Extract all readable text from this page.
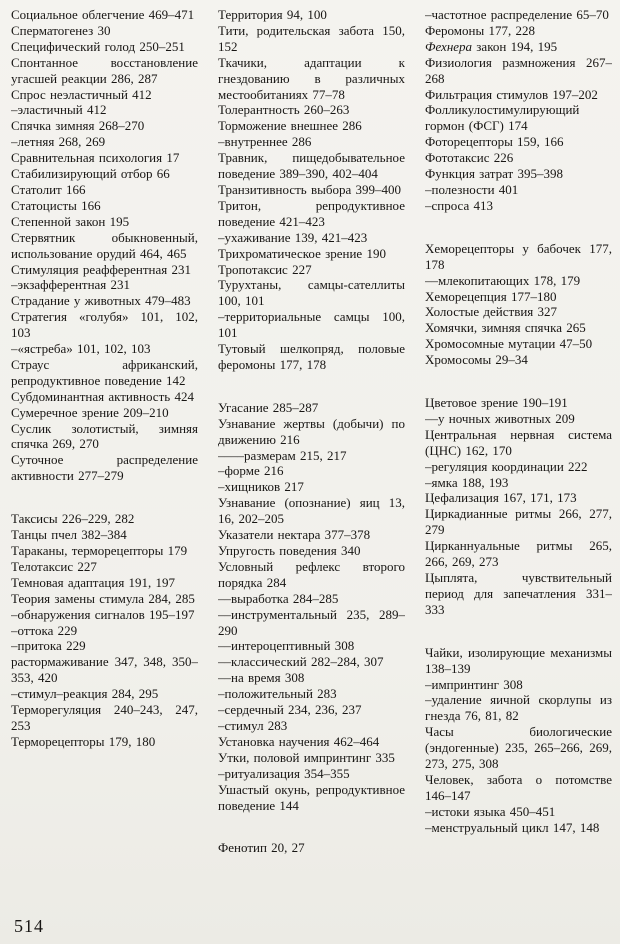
Социальное облегчение 469–471
Сперматогенез 30
Специфический голод 250–251
Спонтанное восстановление угасшей реакции 286, 287
Спрос неэластичный 412
–эластичный 412
Спячка зимняя 268–270
–летняя 268, 269
Сравнительная психология 17
Стабилизирующий отбор 66
Статолит 166
Статоцисты 166
Степенной закон 195
Стервятник обыкновенный, использование орудий 464, 465
Стимуляция реафферентная 231
–экзафферентная 231
Страдание у животных 479–483
Стратегия «голубя» 101, 102, 103
–«ястреба» 101, 102, 103
Страус африканский, репродуктивное поведение 142
Субдоминантная активность 424
Сумеречное зрение 209–210
Суслик золотистый, зимняя спячка 269, 270
Суточное распределение активности 277–279
Таксисы 226–229, 282
Танцы пчел 382–384
Тараканы, терморецепторы 179
Телотаксис 227
Темновая адаптация 191, 197
Теория замены стимула 284, 285
–обнаружения сигналов 195–197
–оттока 229
–притока 229
растормаживание 347, 348, 350–353, 420
–стимул–реакция 284, 295
Терморегуляция 240–243, 247, 253
Терморецепторы 179, 180
Территория 94, 100
Тити, родительская забота 150, 152
Ткачики, адаптации к гнездованию в различных местообитаниях 77–78
Толерантность 260–263
Торможение внешнее 286
–внутреннее 286
Травник, пищедобывательное поведение 389–390, 402–404
Транзитивность выбора 399–400
Тритон, репродуктивное поведение 421–423
–ухаживание 139, 421–423
Трихроматическое зрение 190
Тропотаксис 227
Турухтаны, самцы-сателлиты 100, 101
–территориальные самцы 100, 101
Тутовый шелкопряд, половые феромоны 177, 178
Угасание 285–287
Узнавание жертвы (добычи) по движению 216
––––размерам 215, 217
–форме 216
–хищников 217
Узнавание (опознание) яиц 13, 16, 202–205
Указатели нектара 377–378
Упругость поведения 340
Условный рефлекс второго порядка 284
––выработка 284–285
––инструментальный 235, 289–290
––интероцептивный 308
––классический 282–284, 307
––на время 308
–положительный 283
–сердечный 234, 236, 237
–стимул 283
Установка научения 462–464
Утки, половой импринтинг 335
–ритуализация 354–355
Ушастый окунь, репродуктивное поведение 144
Фенотип 20, 27
–частотное распределение 65–70
Феромоны 177, 228
Фехнера закон 194, 195
Физиология размножения 267–268
Фильтрация стимулов 197–202
Фолликулостимулирующий гормон (ФСГ) 174
Фоторецепторы 159, 166
Фототаксис 226
Функция затрат 395–398
–полезности 401
–спроса 413
Хеморецепторы у бабочек 177, 178
––млекопитающих 178, 179
Хеморецепция 177–180
Холостые действия 327
Хомячки, зимняя спячка 265
Хромосомные мутации 47–50
Хромосомы 29–34
Цветовое зрение 190–191
––у ночных животных 209
Центральная нервная система (ЦНС) 162, 170
–регуляция координации 222
–ямка 188, 193
Цефализация 167, 171, 173
Циркадианные ритмы 266, 277, 279
Цирканнуальные ритмы 265, 266, 269, 273
Цыплята, чувствительный период для запечатления 331–333
Чайки, изолирующие механизмы 138–139
–импринтинг 308
–удаление яичной скорлупы из гнезда 76, 81, 82
Часы биологические (эндогенные) 235, 265–266, 269, 273, 275, 308
Человек, забота о потомстве 146–147
–истоки языка 450–451
–менструальный цикл 147, 148
514
